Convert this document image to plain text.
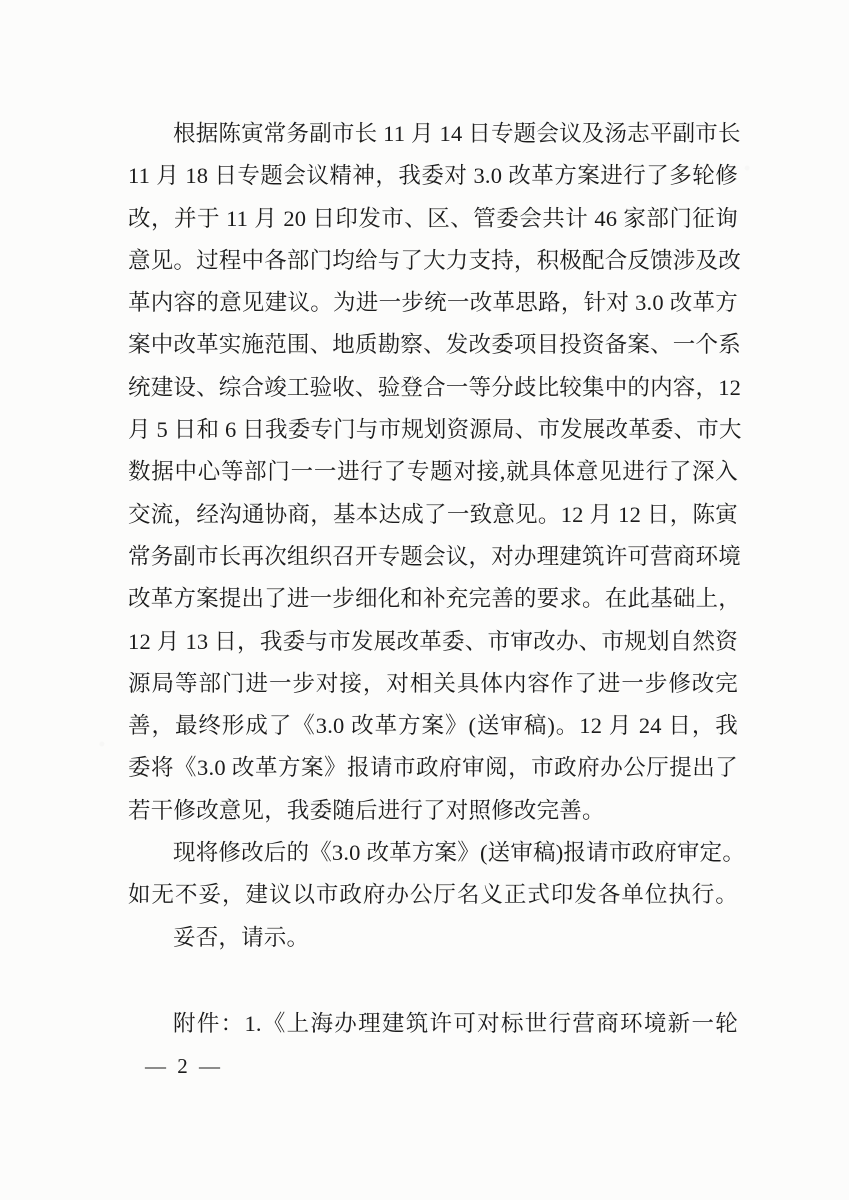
根据陈寅常务副市长 11 月 14 日专题会议及汤志平副市长
11 月 18 日专题会议精神，我委对 3.0 改革方案进行了多轮修
改，并于 11 月 20 日印发市、区、管委会共计 46 家部门征询
意见。过程中各部门均给与了大力支持，积极配合反馈涉及改
革内容的意见建议。为进一步统一改革思路，针对 3.0 改革方
案中改革实施范围、地质勘察、发改委项目投资备案、一个系
统建设、综合竣工验收、验登合一等分歧比较集中的内容，12
月 5 日和 6 日我委专门与市规划资源局、市发展改革委、市大
数据中心等部门一一进行了专题对接,就具体意见进行了深入
交流，经沟通协商，基本达成了一致意见。12 月 12 日，陈寅
常务副市长再次组织召开专题会议，对办理建筑许可营商环境
改革方案提出了进一步细化和补充完善的要求。在此基础上，
12 月 13 日，我委与市发展改革委、市审改办、市规划自然资
源局等部门进一步对接，对相关具体内容作了进一步修改完
善，最终形成了《3.0 改革方案》(送审稿)。12 月 24 日，我
委将《3.0 改革方案》报请市政府审阅，市政府办公厅提出了
若干修改意见，我委随后进行了对照修改完善。
现将修改后的《3.0 改革方案》(送审稿)报请市政府审定。
如无不妥，建议以市政府办公厅名义正式印发各单位执行。
妥否，请示。
附件：1.《上海办理建筑许可对标世行营商环境新一轮
— 2 —
